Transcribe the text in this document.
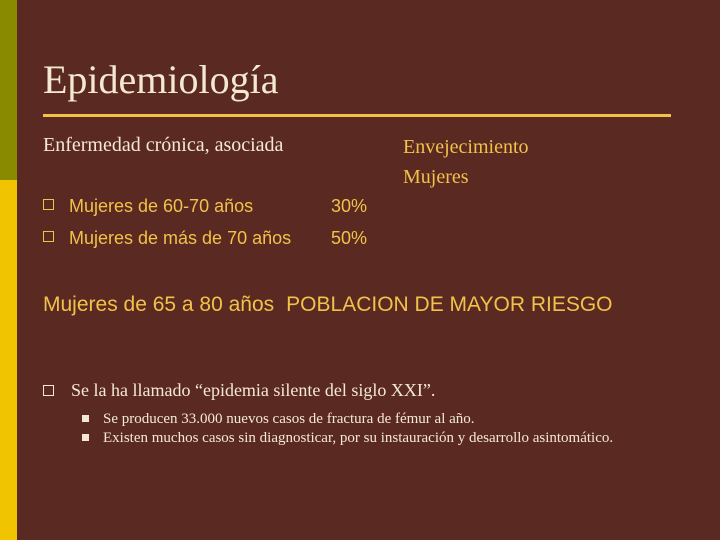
Epidemiología
Enfermedad crónica, asociada	Envejecimiento
Mujeres
Mujeres de 60-70 años	30%
Mujeres de más de 70 años 50%
Mujeres de 65 a 80 años POBLACION DE MAYOR RIESGO
Se la ha llamado “epidemia silente del siglo XXI”.
Se producen 33.000 nuevos casos de fractura de fémur al año.
Existen muchos casos sin diagnosticar, por su instauración y desarrollo asintomático.
